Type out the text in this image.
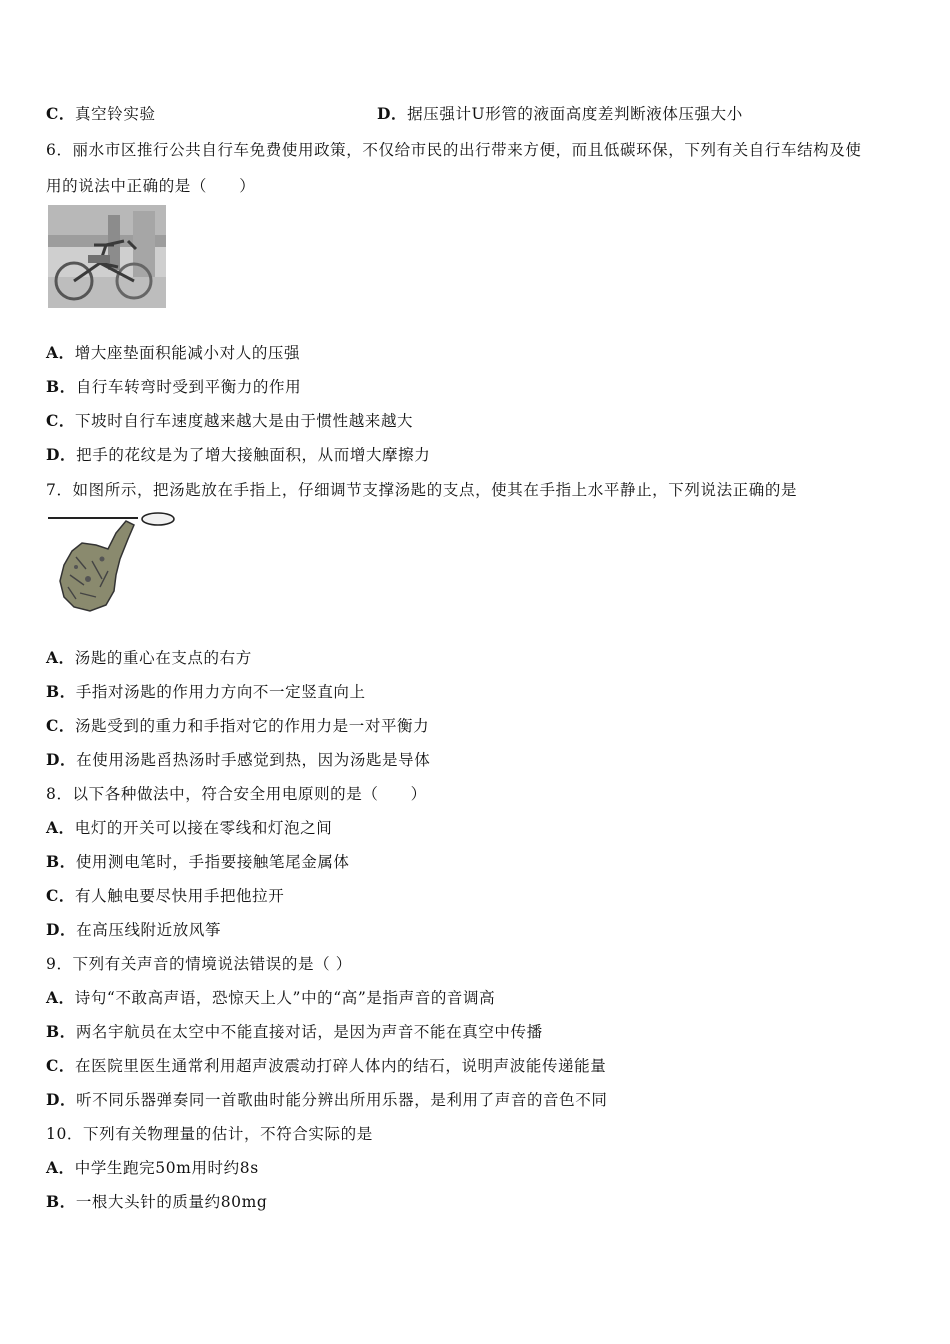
C．真空铃实验	D．据压强计U形管的液面高度差判断液体压强大小
6．丽水市区推行公共自行车免费使用政策，不仅给市民的出行带来方便，而且低碳环保，下列有关自行车结构及使
用的说法中正确的是（　　）
A．增大座垫面积能减小对人的压强
B．自行车转弯时受到平衡力的作用
C．下坡时自行车速度越来越大是由于惯性越来越大
D．把手的花纹是为了增大接触面积，从而增大摩擦力
7．如图所示，把汤匙放在手指上，仔细调节支撑汤匙的支点，使其在手指上水平静止，下列说法正确的是
A．汤匙的重心在支点的右方
B．手指对汤匙的作用力方向不一定竖直向上
C．汤匙受到的重力和手指对它的作用力是一对平衡力
D．在使用汤匙舀热汤时手感觉到热，因为汤匙是导体
8．以下各种做法中，符合安全用电原则的是（　　）
A．电灯的开关可以接在零线和灯泡之间
B．使用测电笔时，手指要接触笔尾金属体
C．有人触电要尽快用手把他拉开
D．在高压线附近放风筝
9．下列有关声音的情境说法错误的是（ ）
A．诗句“不敢高声语，恐惊天上人”中的“高”是指声音的音调高
B．两名宇航员在太空中不能直接对话，是因为声音不能在真空中传播
C．在医院里医生通常利用超声波震动打碎人体内的结石，说明声波能传递能量
D．听不同乐器弹奏同一首歌曲时能分辨出所用乐器，是利用了声音的音色不同
10．下列有关物理量的估计，不符合实际的是
A．中学生跑完50m用时约8s
B．一根大头针的质量约80mg
